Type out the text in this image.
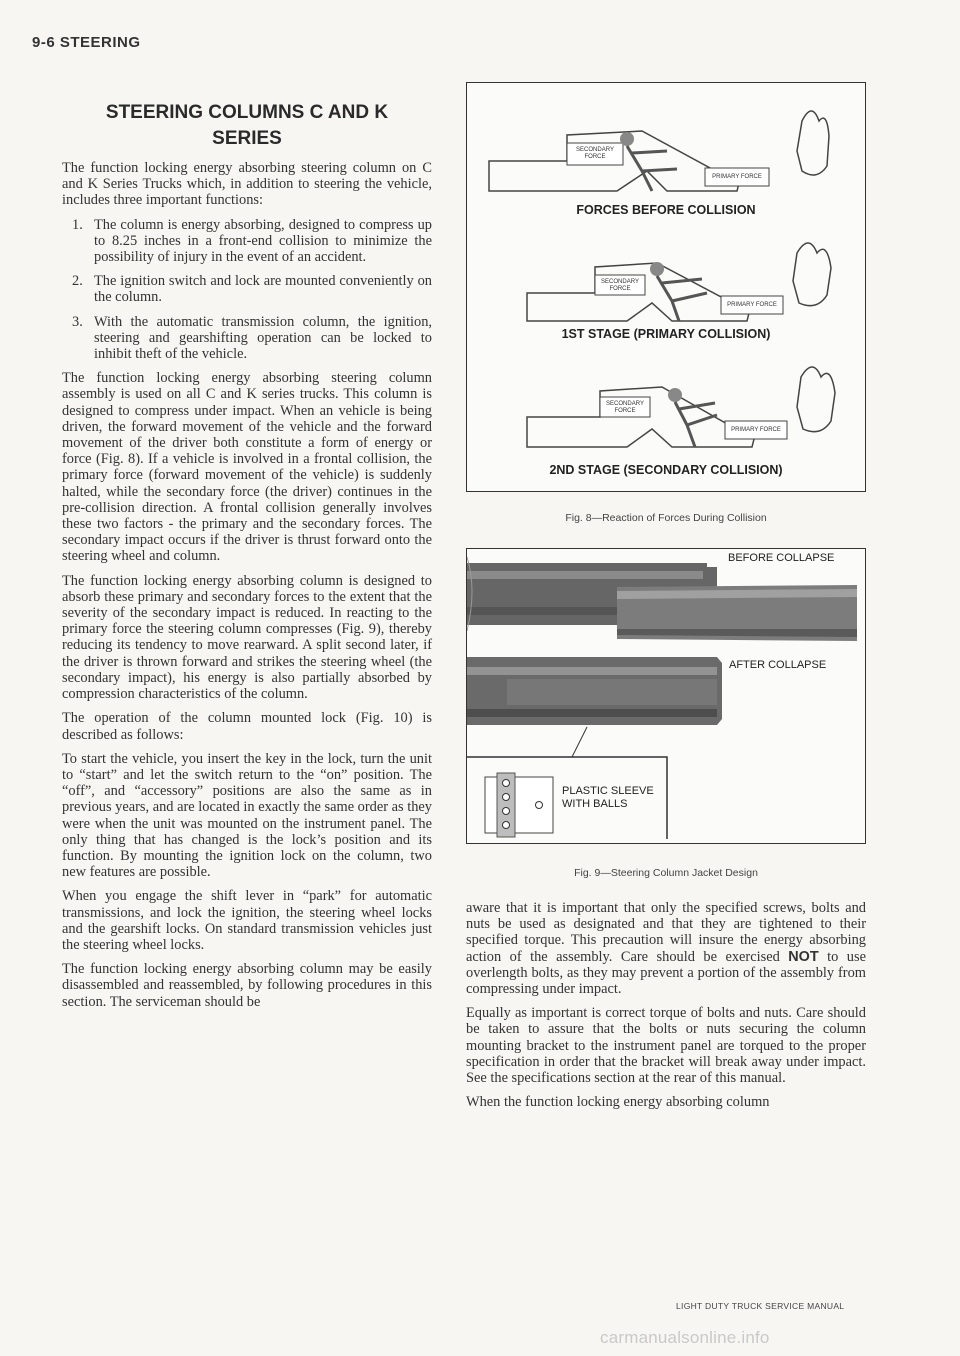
9-6 STEERING
STEERING COLUMNS C AND K
SERIES

The function locking energy absorbing steering column on C and K Series Trucks which, in addition to steering the vehicle, includes three important functions:

1. The column is energy absorbing, designed to compress up to 8.25 inches in a front-end collision to minimize the possibility of injury in the event of an accident.
2. The ignition switch and lock are mounted conveniently on the column.
3. With the automatic transmission column, the ignition, steering and gearshifting operation can be locked to inhibit theft of the vehicle.

The function locking energy absorbing steering column assembly is used on all C and K series trucks. This column is designed to compress under impact. When an vehicle is being driven, the forward movement of the vehicle and the forward movement of the driver both constitute a form of energy or force (Fig. 8). If a vehicle is involved in a frontal collision, the primary force (forward movement of the vehicle) is suddenly halted, while the secondary force (the driver) continues in the pre-collision direction. A frontal collision generally involves these two factors - the primary and the secondary forces. The secondary impact occurs if the driver is thrust forward onto the steering wheel and column.

The function locking energy absorbing column is designed to absorb these primary and secondary forces to the extent that the severity of the secondary impact is reduced. In reacting to the primary force the steering column compresses (Fig. 9), thereby reducing its tendency to move rearward. A split second later, if the driver is thrown forward and strikes the steering wheel (the secondary impact), his energy is also partially absorbed by compression characteristics of the column.

The operation of the column mounted lock (Fig. 10) is described as follows:

To start the vehicle, you insert the key in the lock, turn the unit to “start” and let the switch return to the “on” position. The “off”, and “accessory” positions are also the same as in previous years, and are located in exactly the same order as they were when the unit was mounted on the instrument panel. The only thing that has changed is the lock’s position and its function. By mounting the ignition lock on the column, two new features are possible.

When you engage the shift lever in “park” for automatic transmissions, and lock the ignition, the steering wheel locks and the gearshift locks. On standard transmission vehicles just the steering wheel locks.

The function locking energy absorbing column may be easily disassembled and reassembled, by following procedures in this section. The serviceman should be

SECONDARY FORCE
PRIMARY FORCE
FORCES BEFORE COLLISION
SECONDARY FORCE
PRIMARY FORCE
1ST STAGE (PRIMARY COLLISION)
SECONDARY FORCE
PRIMARY FORCE
2ND STAGE (SECONDARY COLLISION)
Fig. 8—Reaction of Forces During Collision
BEFORE COLLAPSE
AFTER COLLAPSE
PLASTIC SLEEVE
WITH BALLS
Fig. 9—Steering Column Jacket Design

aware that it is important that only the specified screws, bolts and nuts be used as designated and that they are tightened to their specified torque. This precaution will insure the energy absorbing action of the assembly. Care should be exercised NOT to use overlength bolts, as they may prevent a portion of the assembly from compressing under impact.

Equally as important is correct torque of bolts and nuts. Care should be taken to assure that the bolts or nuts securing the column mounting bracket to the instrument panel are torqued to the proper specification in order that the bracket will break away under impact. See the specifications section at the rear of this manual.

When the function locking energy absorbing column

LIGHT DUTY TRUCK SERVICE MANUAL
carmanualsonline.info
